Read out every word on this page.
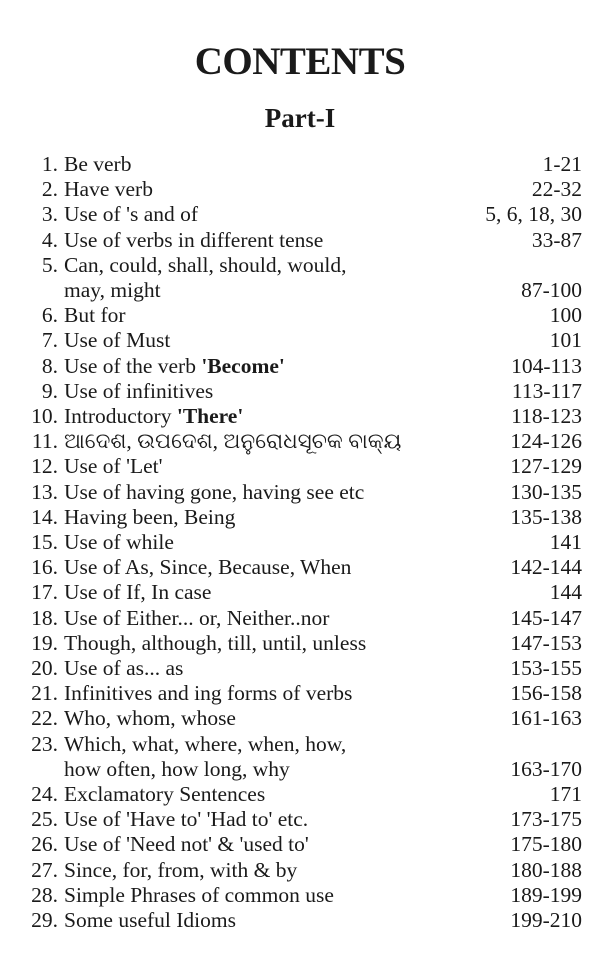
CONTENTS
Part-I
1. Be verb	1-21
2. Have verb	22-32
3. Use of 's and of	5, 6, 18, 30
4. Use of verbs in different tense	33-87
5. Can, could, shall, should, would,
may, might	87-100
6. But for	100
7. Use of Must	101
8. Use of the verb 'Become'	104-113
9. Use of infinitives	113-117
10. Introductory 'There'	118-123
11. ଆଦେଶ, ଉପଦେଶ, ଅନୁରୋଧସୂଚକ ବାକ୍ୟ	124-126
12. Use of 'Let'	127-129
13. Use of having gone, having see etc	130-135
14. Having been, Being	135-138
15. Use of while	141
16. Use of As, Since, Because, When	142-144
17. Use of If, In case	144
18. Use of Either... or, Neither..nor	145-147
19. Though, although, till, until, unless	147-153
20. Use of as... as	153-155
21. Infinitives and ing forms of verbs	156-158
22. Who, whom, whose	161-163
23. Which, what, where, when, how,
how often, how long, why	163-170
24. Exclamatory Sentences	171
25. Use of 'Have to' 'Had to' etc.	173-175
26. Use of 'Need not' & 'used to'	175-180
27. Since, for, from, with & by	180-188
28. Simple Phrases of common use	189-199
29. Some useful Idioms	199-210
